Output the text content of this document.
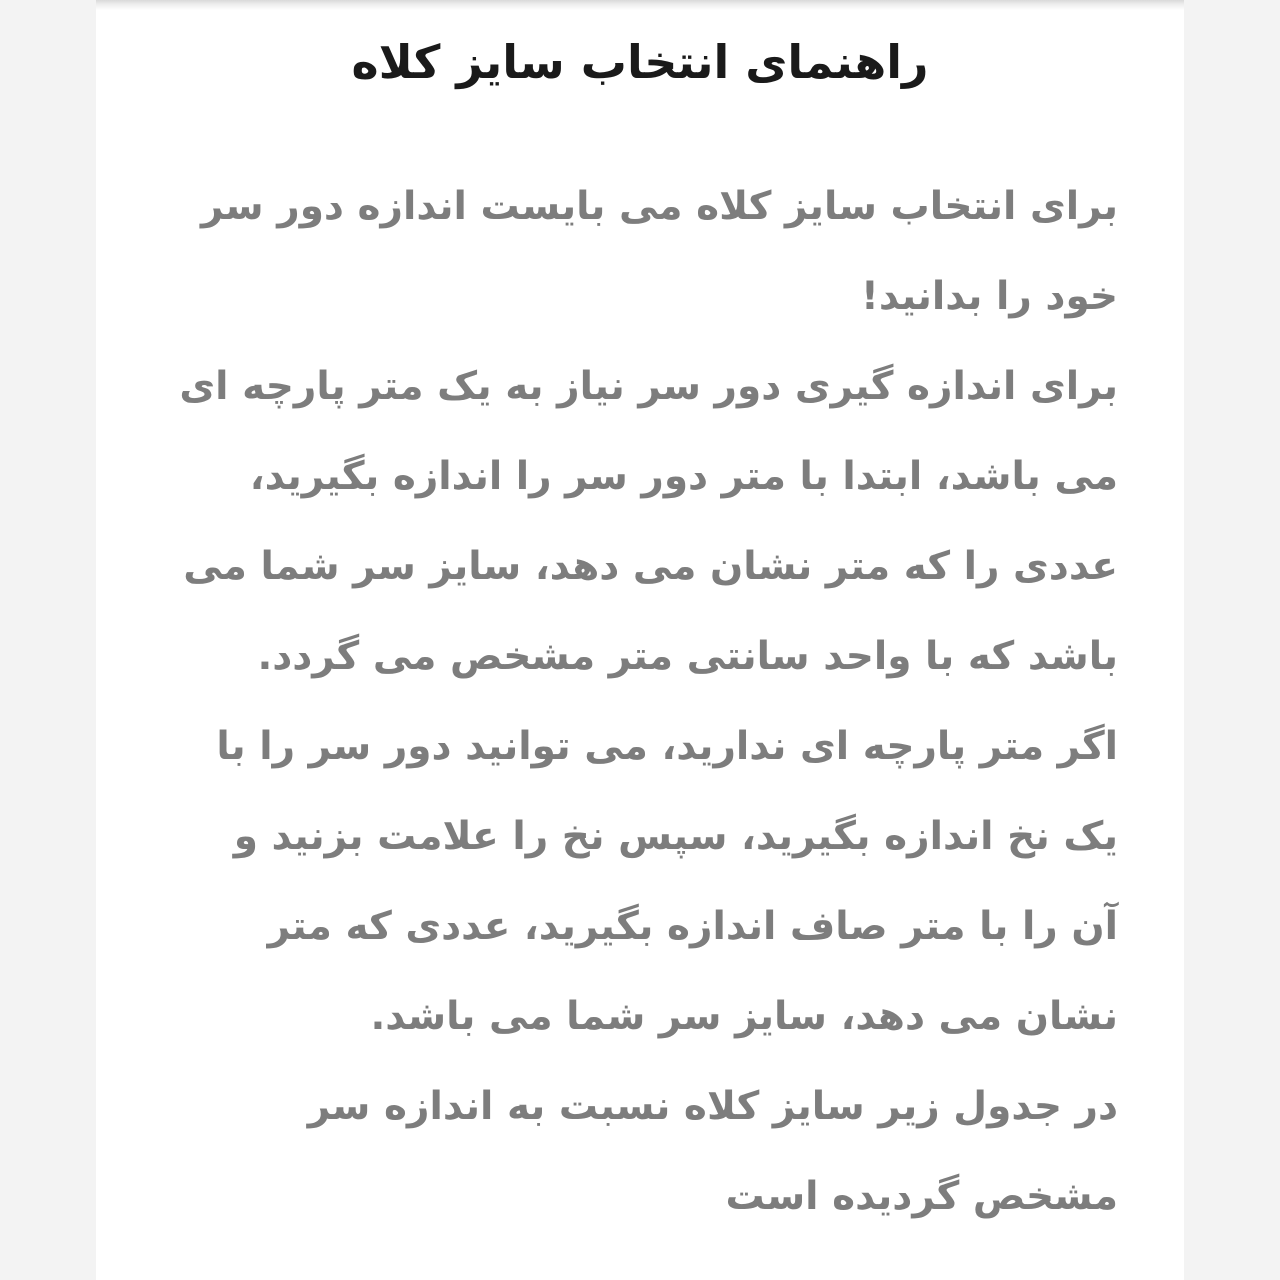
راهنمای انتخاب سایز کلاه
برای انتخاب سایز کلاه می بایست اندازه دور سر
خود را بدانید!
برای اندازه گیری دور سر نیاز به یک متر پارچه ای
می باشد، ابتدا با متر دور سر را اندازه بگیرید،
عددی را که متر نشان می دهد، سایز سر شما می
باشد که با واحد سانتی متر مشخص می گردد.
اگر متر پارچه ای ندارید، می توانید دور سر را با
یک نخ اندازه بگیرید، سپس نخ را علامت بزنید و
آن را با متر صاف اندازه بگیرید، عددی که متر
نشان می دهد، سایز سر شما می باشد.
در جدول زیر سایز کلاه نسبت به اندازه سر
مشخص گردیده است
